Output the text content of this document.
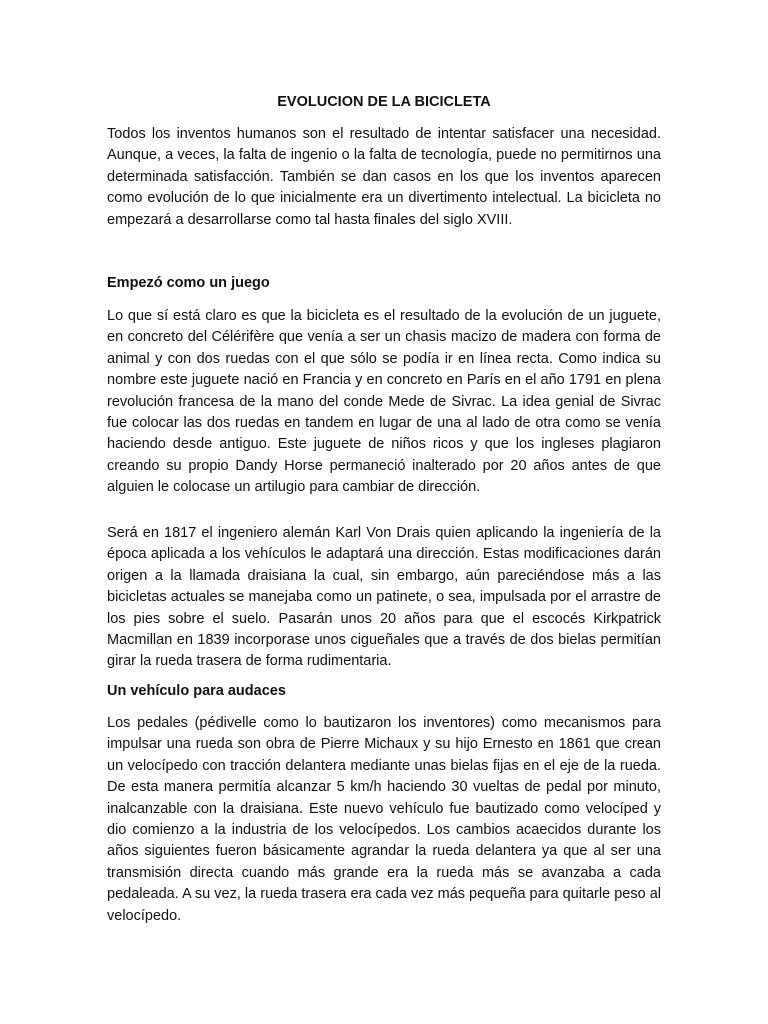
EVOLUCION DE LA BICICLETA

Todos los inventos humanos son el resultado de intentar satisfacer una necesidad. Aunque, a veces, la falta de ingenio o la falta de tecnología, puede no permitirnos una determinada satisfacción. También se dan casos en los que los inventos aparecen como evolución de lo que inicialmente era un divertimento intelectual. La bicicleta no empezará a desarrollarse como tal hasta finales del siglo XVIII.

Empezó como un juego

Lo que sí está claro es que la bicicleta es el resultado de la evolución de un juguete, en concreto del Célérifère que venía a ser un chasis macizo de madera con forma de animal y con dos ruedas con el que sólo se podía ir en línea recta. Como indica su nombre este juguete nació en Francia y en concreto en París en el año 1791 en plena revolución francesa de la mano del conde Mede de Sivrac. La idea genial de Sivrac fue colocar las dos ruedas en tandem en lugar de una al lado de otra como se venía haciendo desde antiguo. Este juguete de niños ricos y que los ingleses plagiaron creando su propio Dandy Horse permaneció inalterado por 20 años antes de que alguien le colocase un artilugio para cambiar de dirección.

Será en 1817 el ingeniero alemán Karl Von Drais quien aplicando la ingeniería de la época aplicada a los vehículos le adaptará una dirección. Estas modificaciones darán origen a la llamada draisiana la cual, sin embargo, aún pareciéndose más a las bicicletas actuales se manejaba como un patinete, o sea, impulsada por el arrastre de los pies sobre el suelo. Pasarán unos 20 años para que el escocés Kirkpatrick Macmillan en 1839 incorporase unos cigueñales que a través de dos bielas permitían girar la rueda trasera de forma rudimentaria.

Un vehículo para audaces

Los pedales (pédivelle como lo bautizaron los inventores) como mecanismos para impulsar una rueda son obra de Pierre Michaux y su hijo Ernesto en 1861 que crean un velocípedo con tracción delantera mediante unas bielas fijas en el eje de la rueda. De esta manera permitía alcanzar 5 km/h haciendo 30 vueltas de pedal por minuto, inalcanzable con la draisiana. Este nuevo vehículo fue bautizado como velocíped y dio comienzo a la industria de los velocípedos. Los cambios acaecidos durante los años siguientes fueron básicamente agrandar la rueda delantera ya que al ser una transmisión directa cuando más grande era la rueda más se avanzaba a cada pedaleada. A su vez, la rueda trasera era cada vez más pequeña para quitarle peso al velocípedo.
